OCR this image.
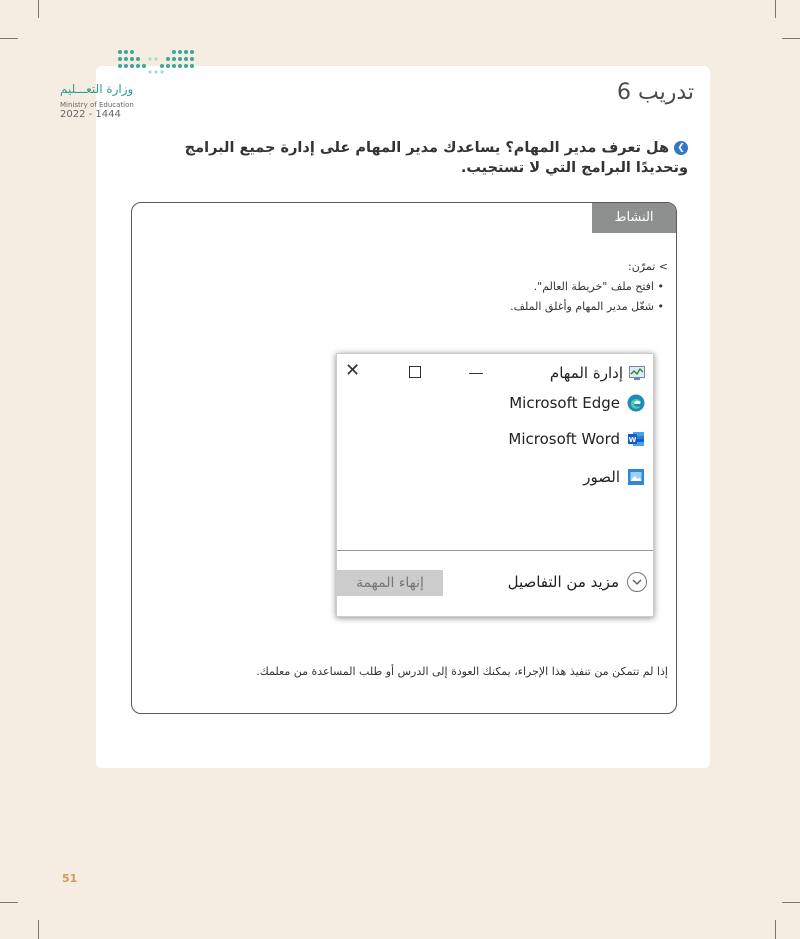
وزارة التعـــليم
Ministry of Education
2022 - 1444
تدريب 6
❯هل تعرف مدير المهام؟ يساعدك مدير المهام على إدارة جميع البرامج وتحديدًا البرامج التي لا تستجيب.
النشاط
> تمرّن:
• افتح ملف "خريطة العالم".
• شغّل مدير المهام وأغلق الملف.
✕	إدارة المهام
Microsoft Edge
W
Microsoft Word
الصور
مزيد من التفاصيل
إنهاء المهمة
إذا لم تتمكن من تنفيذ هذا الإجراء، يمكنك العودة إلى الدرس أو طلب المساعدة من معلمك.
51
